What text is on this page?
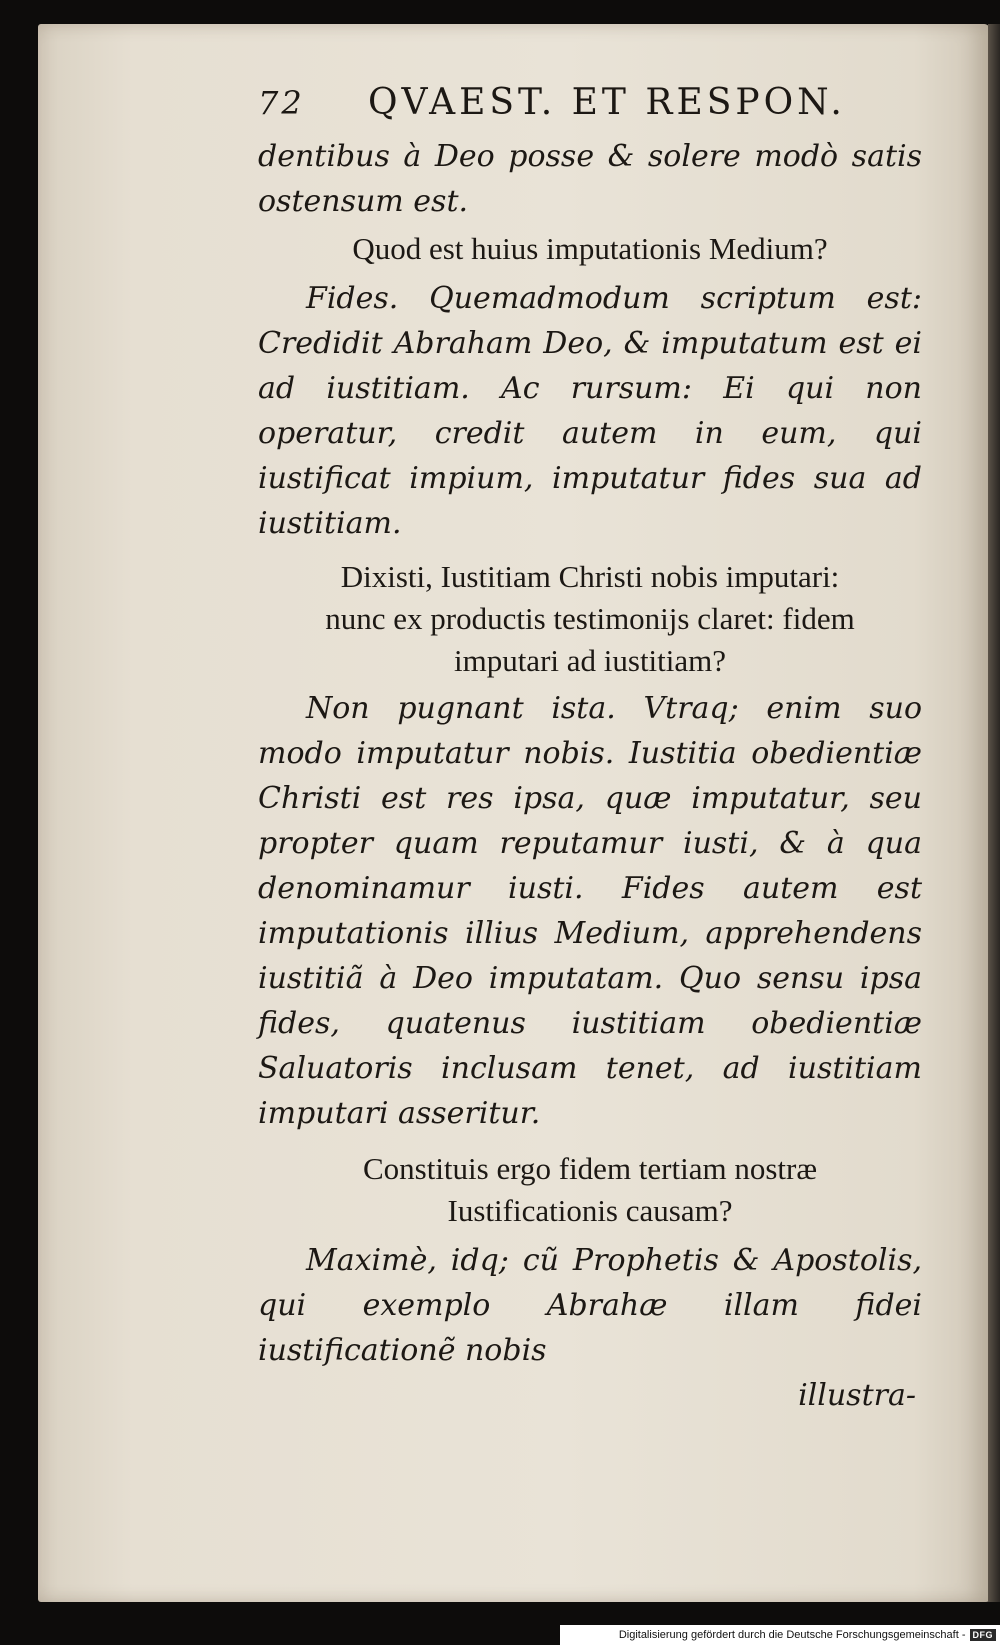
72	QVAEST. ET RESPON.

dentibus à Deo posse & solere modò satis ostensum est.

Quod est huius imputationis Medium?

Fides. Quemadmodum scriptum est: Credidit Abraham Deo, & imputatum est ei ad iustitiam. Ac rursum: Ei qui non operatur, credit autem in eum, qui iustificat impium, imputatur fides sua ad iustitiam.

Dixisti, Iustitiam Christi nobis imputari: nunc ex productis testimonijs claret: fidem imputari ad iustitiam?

Non pugnant ista. Vtraq; enim suo modo imputatur nobis. Iustitia obedientiæ Christi est res ipsa, quæ imputatur, seu propter quam reputamur iusti, & à qua denominamur iusti. Fides autem est imputationis illius Medium, apprehendens iustitiã à Deo imputatam. Quo sensu ipsa fides, quatenus iustitiam obedientiæ Saluatoris inclusam tenet, ad iustitiam imputari asseritur.

Constituis ergo fidem tertiam nostræ Iustificationis causam?

Maximè, idq; cũ Prophetis & Apostolis, qui exemplo Abrahæ illam fidei iustificationẽ nobis

illustra-

Digitalisierung gefördert durch die Deutsche Forschungsgemeinschaft - DFG
